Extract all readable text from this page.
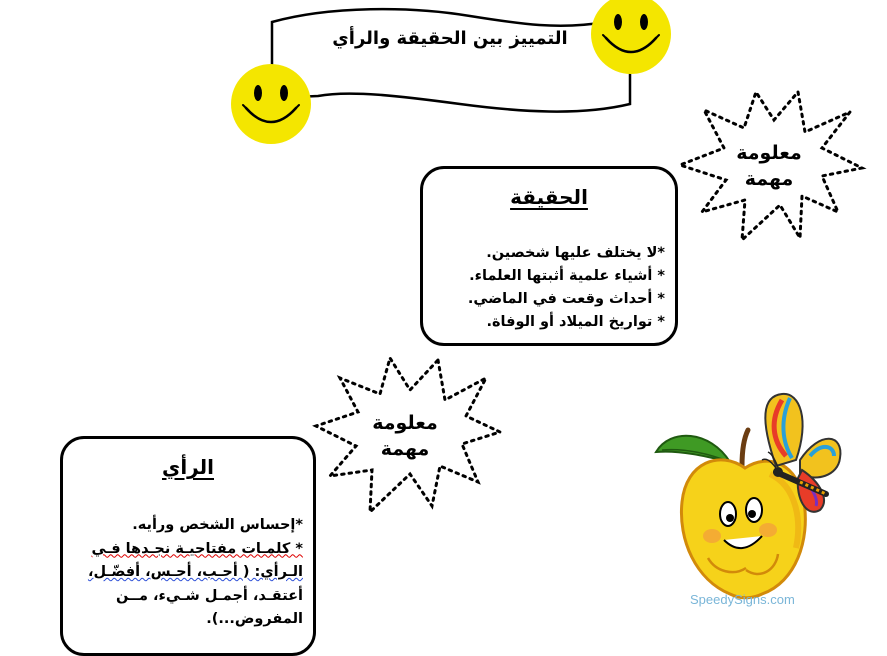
التمييز بين الحقيقة والرأي
معلومة
مهمة
معلومة
مهمة
الحقيقة
*لا يختلف عليها شخصين.
* أشياء علمية أثبتها العلماء.
* أحداث وقعت في الماضي.
* تواريخ الميلاد أو الوفاة.
الرأي
*إحساس الشخص ورأيه.
* كلمـات مفتاحيـة نجـدها فـي
الـرأي: ( أحـب، أحـس، أفضّـل،
أعتقـد، أجمـل شـيء، مــن
المفروض...).
SpeedySigns.com
